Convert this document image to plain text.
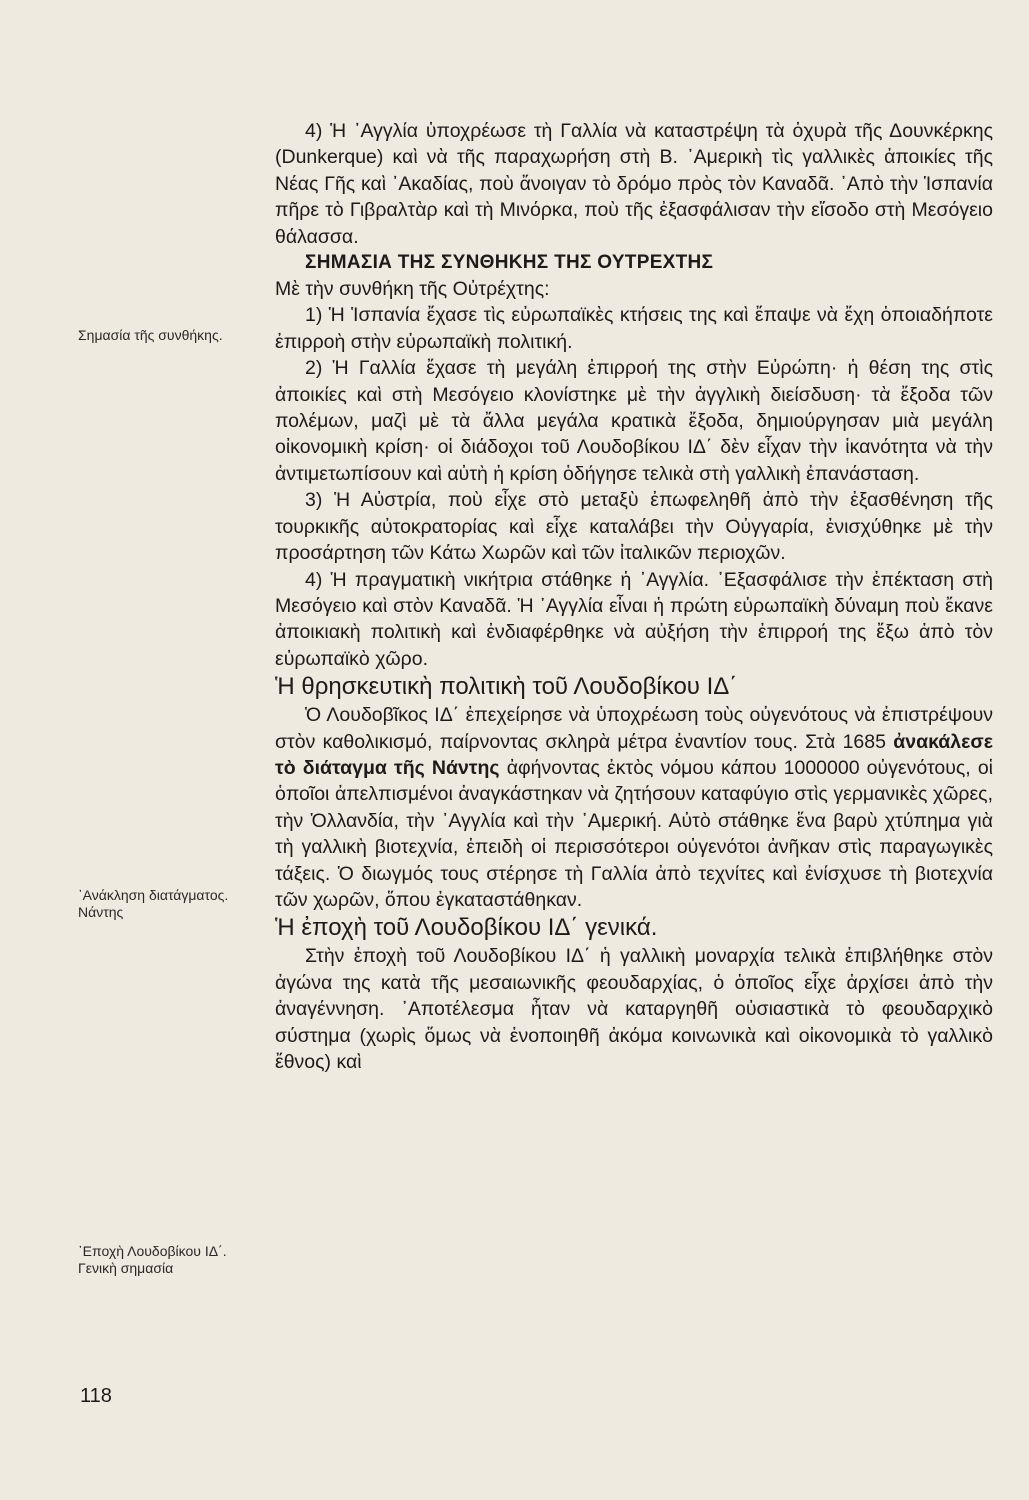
Σημασία τῆς συνθήκης.
᾿Ανάκληση διατάγματος. Νάντης
᾿Εποχὴ Λουδοβίκου ΙΔ΄. Γενικὴ σημασία
118

4) Ἡ ᾿Αγγλία ὑποχρέωσε τὴ Γαλλία νὰ καταστρέψη τὰ ὀχυρὰ τῆς Δουνκέρκης (Dunkerque) καὶ νὰ τῆς παραχωρήση στὴ Β. ᾿Αμερικὴ τὶς γαλλικὲς ἀποικίες τῆς Νέας Γῆς καὶ ᾿Ακαδίας, ποὺ ἄνοιγαν τὸ δρόμο πρὸς τὸν Καναδᾶ. ᾿Απὸ τὴν Ἱσπανία πῆρε τὸ Γιβραλτὰρ καὶ τὴ Μινόρκα, ποὺ τῆς ἐξασφάλισαν τὴν εἴσοδο στὴ Μεσόγειο θάλασσα.

ΣΗΜΑΣΙΑ ΤΗΣ ΣΥΝΘΗΚΗΣ ΤΗΣ ΟΥΤΡΕΧΤΗΣ

Μὲ τὴν συνθήκη τῆς Οὐτρέχτης:

1) Ἡ Ἱσπανία ἔχασε τὶς εὐρωπαϊκὲς κτήσεις της καὶ ἔπαψε νὰ ἔχη ὁποιαδήποτε ἐπιρροὴ στὴν εὐρωπαϊκὴ πολιτική.

2) Ἡ Γαλλία ἔχασε τὴ μεγάλη ἐπιρροή της στὴν Εὐρώπη· ἡ θέση της στὶς ἀποικίες καὶ στὴ Μεσόγειο κλονίστηκε μὲ τὴν ἀγγλικὴ διείσδυση· τὰ ἔξοδα τῶν πολέμων, μαζὶ μὲ τὰ ἄλλα μεγάλα κρατικὰ ἔξοδα, δημιούργησαν μιὰ μεγάλη οἰκονομικὴ κρίση· οἱ διάδοχοι τοῦ Λουδοβίκου ΙΔ΄ δὲν εἶχαν τὴν ἱκανότητα νὰ τὴν ἀντιμετωπίσουν καὶ αὐτὴ ἡ κρίση ὁδήγησε τελικὰ στὴ γαλλικὴ ἐπανάσταση.

3) Ἡ Αὐστρία, ποὺ εἶχε στὸ μεταξὺ ἐπωφεληθῆ ἀπὸ τὴν ἐξασθένηση τῆς τουρκικῆς αὐτοκρατορίας καὶ εἶχε καταλάβει τὴν Οὐγγαρία, ἐνισχύθηκε μὲ τὴν προσάρτηση τῶν Κάτω Χωρῶν καὶ τῶν ἰταλικῶν περιοχῶν.

4) Ἡ πραγματικὴ νικήτρια στάθηκε ἡ ᾿Αγγλία. ᾿Εξασφάλισε τὴν ἐπέκταση στὴ Μεσόγειο καὶ στὸν Καναδᾶ. Ἡ ᾿Αγγλία εἶναι ἡ πρώτη εὐρωπαϊκὴ δύναμη ποὺ ἔκανε ἀποικιακὴ πολιτικὴ καὶ ἐνδιαφέρθηκε νὰ αὐξήση τὴν ἐπιρροή της ἔξω ἀπὸ τὸν εὐρωπαϊκὸ χῶρο.

Ἡ θρησκευτικὴ πολιτικὴ τοῦ Λουδοβίκου ΙΔ΄

Ὁ Λουδοβῖκος ΙΔ΄ ἐπεχείρησε νὰ ὑποχρέωση τοὺς οὐγενότους νὰ ἐπιστρέψουν στὸν καθολικισμό, παίρνοντας σκληρὰ μέτρα ἐναντίον τους. Στὰ 1685 ἀνακάλεσε τὸ διάταγμα τῆς Νάντης ἀφήνοντας ἐκτὸς νόμου κάπου 1000000 οὐγενότους, οἱ ὁποῖοι ἀπελπισμένοι ἀναγκάστηκαν νὰ ζητήσουν καταφύγιο στὶς γερμανικὲς χῶρες, τὴν Ὁλλανδία, τὴν ᾿Αγγλία καὶ τὴν ᾿Αμερική. Αὐτὸ στάθηκε ἕνα βαρὺ χτύπημα γιὰ τὴ γαλλικὴ βιοτεχνία, ἐπειδὴ οἱ περισσότεροι οὐγενότοι ἀνῆκαν στὶς παραγωγικὲς τάξεις. Ὁ διωγμός τους στέρησε τὴ Γαλλία ἀπὸ τεχνίτες καὶ ἐνίσχυσε τὴ βιοτεχνία τῶν χωρῶν, ὅπου ἐγκαταστάθηκαν.

Ἡ ἐποχὴ τοῦ Λουδοβίκου ΙΔ΄ γενικά.

Στὴν ἐποχὴ τοῦ Λουδοβίκου ΙΔ΄ ἡ γαλλικὴ μοναρχία τελικὰ ἐπιβλήθηκε στὸν ἀγώνα της κατὰ τῆς μεσαιωνικῆς φεουδαρχίας, ὁ ὁποῖος εἶχε ἀρχίσει ἀπὸ τὴν ἀναγέννηση. ᾿Αποτέλεσμα ἦταν νὰ καταργηθῆ οὐσιαστικὰ τὸ φεουδαρχικὸ σύστημα (χωρὶς ὅμως νὰ ἑνοποιηθῆ ἀκόμα κοινωνικὰ καὶ οἰκονομικὰ τὸ γαλλικὸ ἔθνος) καὶ
